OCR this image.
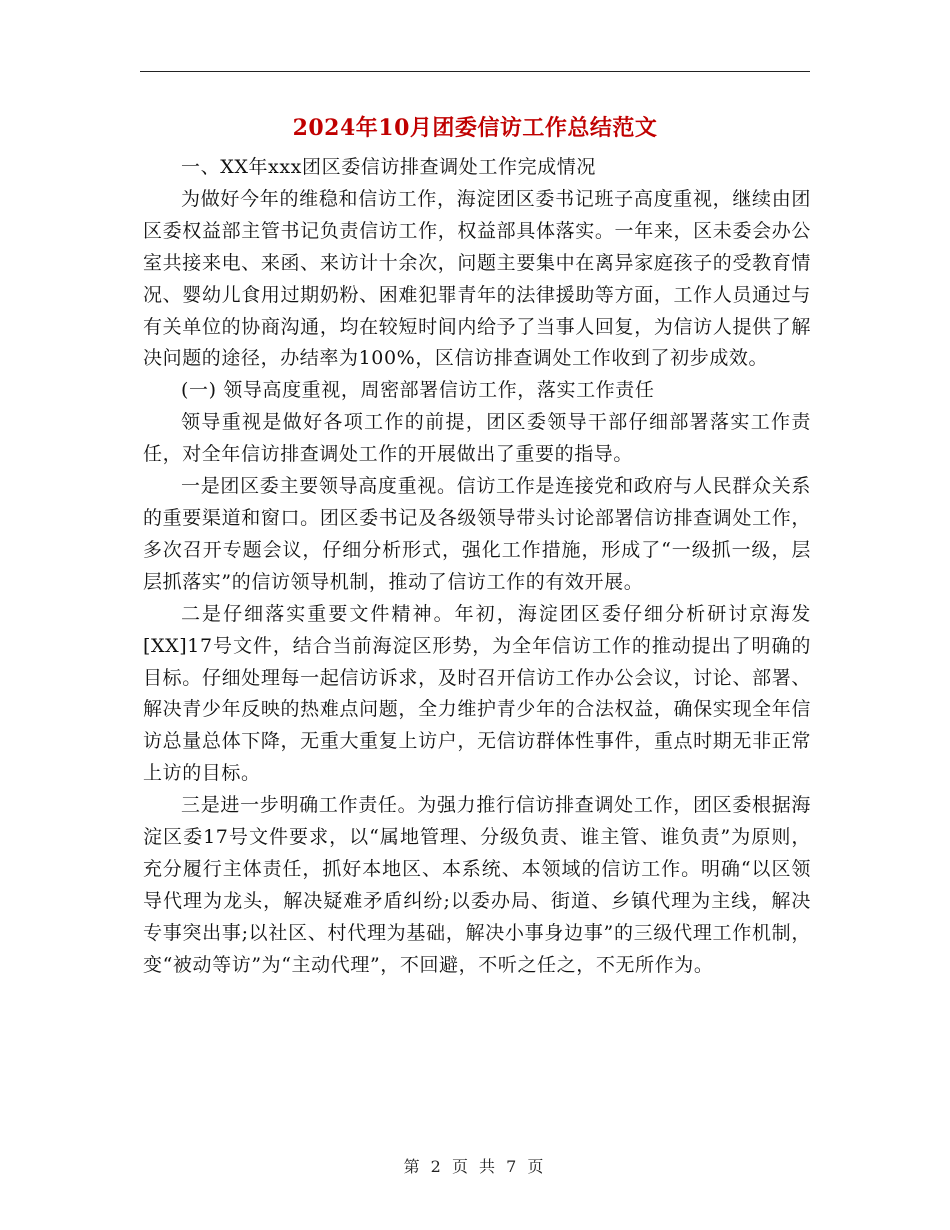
2024年10月团委信访工作总结范文

一、XX年xxx团区委信访排查调处工作完成情况

为做好今年的维稳和信访工作，海淀团区委书记班子高度重视，继续由团区委权益部主管书记负责信访工作，权益部具体落实。一年来，区未委会办公室共接来电、来函、来访计十余次，问题主要集中在离异家庭孩子的受教育情况、婴幼儿食用过期奶粉、困难犯罪青年的法律援助等方面，工作人员通过与有关单位的协商沟通，均在较短时间内给予了当事人回复，为信访人提供了解决问题的途径，办结率为100%，区信访排查调处工作收到了初步成效。

(一) 领导高度重视，周密部署信访工作，落实工作责任

领导重视是做好各项工作的前提，团区委领导干部仔细部署落实工作责任，对全年信访排查调处工作的开展做出了重要的指导。

一是团区委主要领导高度重视。信访工作是连接党和政府与人民群众关系的重要渠道和窗口。团区委书记及各级领导带头讨论部署信访排查调处工作，多次召开专题会议，仔细分析形式，强化工作措施，形成了“一级抓一级，层层抓落实”的信访领导机制，推动了信访工作的有效开展。

二是仔细落实重要文件精神。年初，海淀团区委仔细分析研讨京海发[XX]17号文件，结合当前海淀区形势，为全年信访工作的推动提出了明确的目标。仔细处理每一起信访诉求，及时召开信访工作办公会议，讨论、部署、解决青少年反映的热难点问题，全力维护青少年的合法权益，确保实现全年信访总量总体下降，无重大重复上访户，无信访群体性事件，重点时期无非正常上访的目标。

三是进一步明确工作责任。为强力推行信访排查调处工作，团区委根据海淀区委17号文件要求，以“属地管理、分级负责、谁主管、谁负责”为原则，充分履行主体责任，抓好本地区、本系统、本领域的信访工作。明确“以区领导代理为龙头，解决疑难矛盾纠纷;以委办局、街道、乡镇代理为主线，解决专事突出事;以社区、村代理为基础，解决小事身边事”的三级代理工作机制，变“被动等访”为“主动代理”，不回避，不听之任之，不无所作为。

第 2 页 共 7 页
